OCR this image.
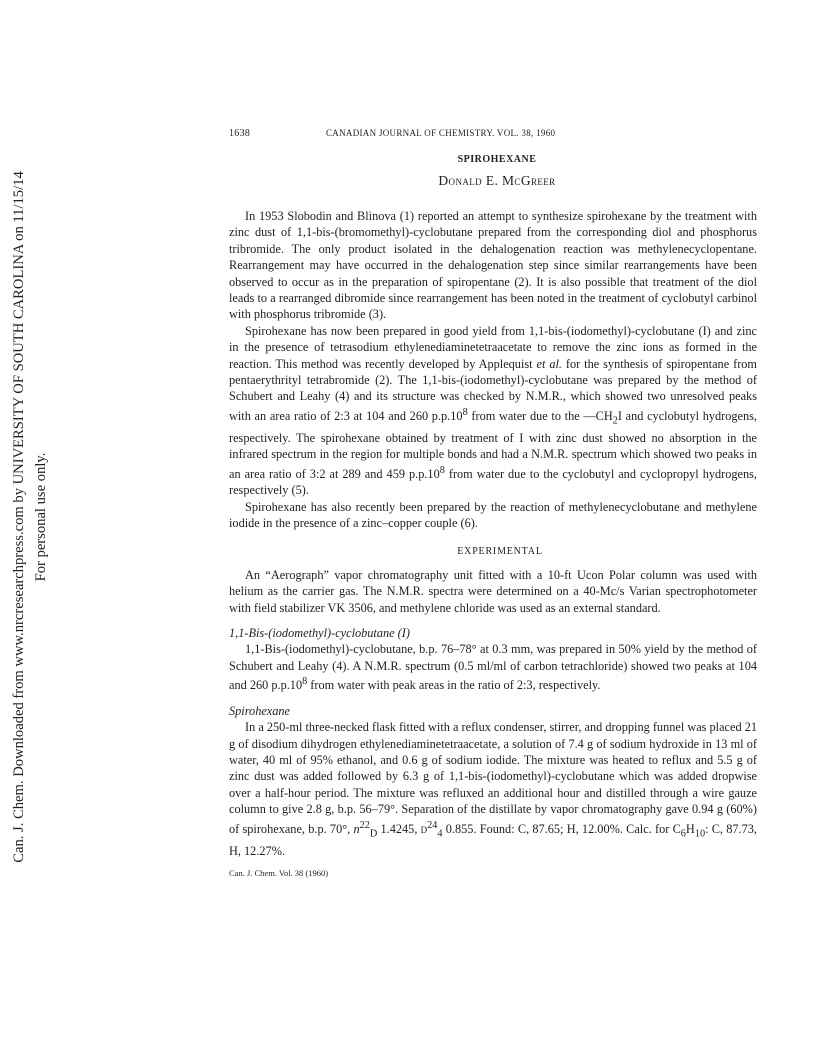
Can. J. Chem. Downloaded from www.nrcresearchpress.com by UNIVERSITY OF SOUTH CAROLINA on 11/15/14 For personal use only.
1638	CANADIAN JOURNAL OF CHEMISTRY. VOL. 38, 1960
SPIROHEXANE
Donald E. McGreer

In 1953 Slobodin and Blinova (1) reported an attempt to synthesize spirohexane by the treatment with zinc dust of 1,1-bis-(bromomethyl)-cyclobutane prepared from the corresponding diol and phosphorus tribromide. The only product isolated in the dehalogenation reaction was methylenecyclopentane. Rearrangement may have occurred in the dehalogenation step since similar rearrangements have been observed to occur as in the preparation of spiropentane (2). It is also possible that treatment of the diol leads to a rearranged dibromide since rearrangement has been noted in the treatment of cyclobutyl carbinol with phosphorus tribromide (3).

Spirohexane has now been prepared in good yield from 1,1-bis-(iodomethyl)-cyclobutane (I) and zinc in the presence of tetrasodium ethylenediaminetetraacetate to remove the zinc ions as formed in the reaction. This method was recently developed by Applequist et al. for the synthesis of spiropentane from pentaerythrityl tetrabromide (2). The 1,1-bis-(iodomethyl)-cyclobutane was prepared by the method of Schubert and Leahy (4) and its structure was checked by N.M.R., which showed two unresolved peaks with an area ratio of 2:3 at 104 and 260 $p.p.10^8$ from water due to the $—CH_2I$ and cyclobutyl hydrogens, respectively. The spirohexane obtained by treatment of I with zinc dust showed no absorption in the infrared spectrum in the region for multiple bonds and had a N.M.R. spectrum which showed two peaks in an area ratio of 3:2 at 289 and 459 $p.p.10^8$ from water due to the cyclobutyl and cyclopropyl hydrogens, respectively (5).

Spirohexane has also recently been prepared by the reaction of methylenecyclobutane and methylene iodide in the presence of a zinc–copper couple (6).

EXPERIMENTAL

An “Aerograph” vapor chromatography unit fitted with a 10-ft Ucon Polar column was used with helium as the carrier gas. The N.M.R. spectra were determined on a 40-Mc/s Varian spectrophotometer with field stabilizer VK 3506, and methylene chloride was used as an external standard.

1,1-Bis-(iodomethyl)-cyclobutane (I)

1,1-Bis-(iodomethyl)-cyclobutane, b.p. 76–78° at 0.3 mm, was prepared in 50% yield by the method of Schubert and Leahy (4). A N.M.R. spectrum (0.5 ml/ml of carbon tetrachloride) showed two peaks at 104 and 260 $p.p.10^8$ from water with peak areas in the ratio of 2:3, respectively.

Spirohexane

In a 250-ml three-necked flask fitted with a reflux condenser, stirrer, and dropping funnel was placed 21 g of disodium dihydrogen ethylenediaminetetraacetate, a solution of 7.4 g of sodium hydroxide in 13 ml of water, 40 ml of 95% ethanol, and 0.6 g of sodium iodide. The mixture was heated to reflux and 5.5 g of zinc dust was added followed by 6.3 g of 1,1-bis-(iodomethyl)-cyclobutane which was added dropwise over a half-hour period. The mixture was refluxed an additional hour and distilled through a wire gauze column to give 2.8 g, b.p. 56–79°. Separation of the distillate by vapor chromatography gave 0.94 g (60%) of spirohexane, b.p. 70°, $n^{22}_D$ 1.4245, $d^{24}_4$ 0.855. Found: C, 87.65; H, 12.00%. Calc. for $C_6H_{10}$: C, 87.73, H, 12.27%.

Can. J. Chem. Vol. 38 (1960)
